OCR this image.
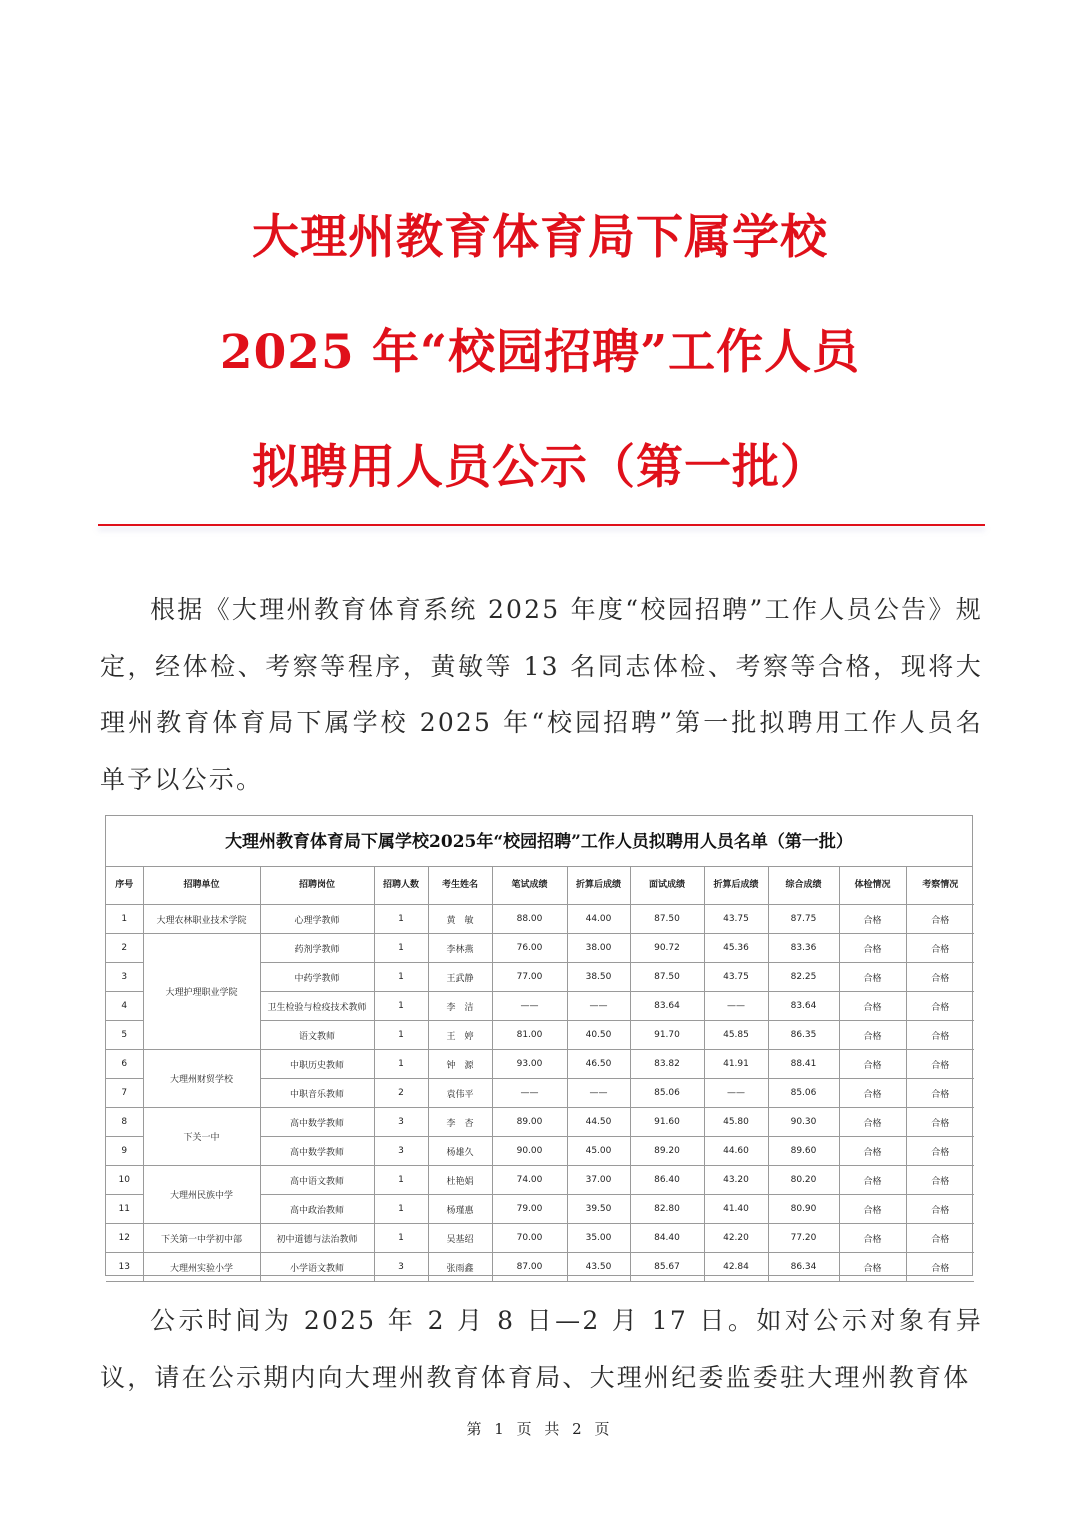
大理州教育体育局下属学校
2025 年“校园招聘”工作人员
拟聘用人员公示（第一批）
根据《大理州教育体育系统 2025 年度“校园招聘”工作人员公告》规定，经体检、考察等程序，黄敏等 13 名同志体检、考察等合格，现将大理州教育体育局下属学校 2025 年“校园招聘”第一批拟聘用工作人员名单予以公示。
大理州教育体育局下属学校2025年“校园招聘”工作人员拟聘用人员名单（第一批）
序号	招聘单位	招聘岗位	招聘人数	考生姓名	笔试成绩	折算后成绩	面试成绩	折算后成绩	综合成绩	体检情况	考察情况
1	大理农林职业技术学院	心理学教师	1	黄　敏	88.00	44.00	87.50	43.75	87.75	合格	合格
2	大理护理职业学院	药剂学教师	1	李林燕	76.00	38.00	90.72	45.36	83.36	合格	合格
3		中药学教师	1	王武静	77.00	38.50	87.50	43.75	82.25	合格	合格
4		卫生检验与检疫技术教师	1	李　洁	——	——	83.64	——	83.64	合格	合格
5		语文教师	1	王　婷	81.00	40.50	91.70	45.85	86.35	合格	合格
6	大理州财贸学校	中职历史教师	1	钟　源	93.00	46.50	83.82	41.91	88.41	合格	合格
7		中职音乐教师	2	袁伟平	——	——	85.06	——	85.06	合格	合格
8	下关一中	高中数学教师	3	李　杏	89.00	44.50	91.60	45.80	90.30	合格	合格
9		高中数学教师	3	杨雄久	90.00	45.00	89.20	44.60	89.60	合格	合格
10	大理州民族中学	高中语文教师	1	杜艳娟	74.00	37.00	86.40	43.20	80.20	合格	合格
11		高中政治教师	1	杨瑾惠	79.00	39.50	82.80	41.40	80.90	合格	合格
12	下关第一中学初中部	初中道德与法治教师	1	吴基绍	70.00	35.00	84.40	42.20	77.20	合格	合格
13	大理州实验小学	小学语文教师	3	张雨鑫	87.00	43.50	85.67	42.84	86.34	合格	合格
公示时间为 2025 年 2 月 8 日—2 月 17 日。如对公示对象有异议，请在公示期内向大理州教育体育局、大理州纪委监委驻大理州教育体
第 1 页 共 2 页
